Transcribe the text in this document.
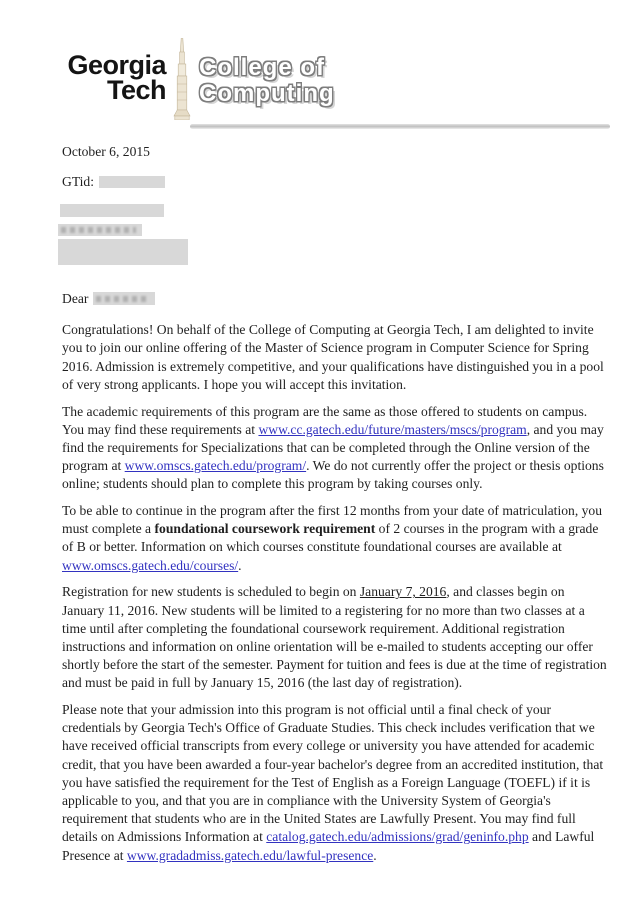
Georgia
Tech
College of
Computing
October 6, 2015
GTid:

Dear

Congratulations! On behalf of the College of Computing at Georgia Tech, I am delighted to invite you to join our online offering of the Master of Science program in Computer Science for Spring 2016. Admission is extremely competitive, and your qualifications have distinguished you in a pool of very strong applicants. I hope you will accept this invitation.

The academic requirements of this program are the same as those offered to students on campus. You may find these requirements at www.cc.gatech.edu/future/masters/mscs/program, and you may find the requirements for Specializations that can be completed through the Online version of the program at www.omscs.gatech.edu/program/. We do not currently offer the project or thesis options online; students should plan to complete this program by taking courses only.

To be able to continue in the program after the first 12 months from your date of matriculation, you must complete a foundational coursework requirement of 2 courses in the program with a grade of B or better. Information on which courses constitute foundational courses are available at www.omscs.gatech.edu/courses/.

Registration for new students is scheduled to begin on January 7, 2016, and classes begin on January 11, 2016. New students will be limited to a registering for no more than two classes at a time until after completing the foundational coursework requirement. Additional registration instructions and information on online orientation will be e-mailed to students accepting our offer shortly before the start of the semester. Payment for tuition and fees is due at the time of registration and must be paid in full by January 15, 2016 (the last day of registration).

Please note that your admission into this program is not official until a final check of your credentials by Georgia Tech's Office of Graduate Studies. This check includes verification that we have received official transcripts from every college or university you have attended for academic credit, that you have been awarded a four-year bachelor's degree from an accredited institution, that you have satisfied the requirement for the Test of English as a Foreign Language (TOEFL) if it is applicable to you, and that you are in compliance with the University System of Georgia's requirement that students who are in the United States are Lawfully Present. You may find full details on Admissions Information at catalog.gatech.edu/admissions/grad/geninfo.php and Lawful Presence at www.gradadmiss.gatech.edu/lawful-presence.
